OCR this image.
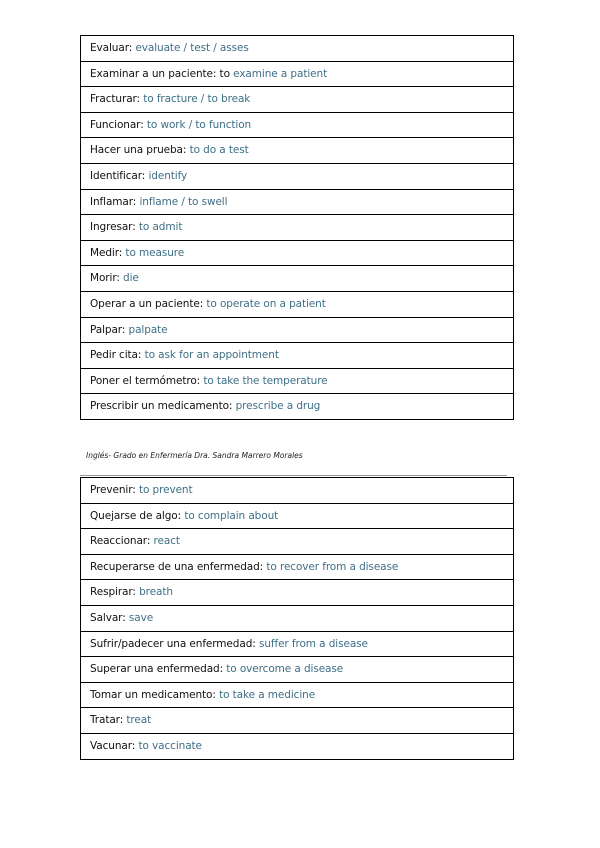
Evaluar: evaluate / test / asses
Examinar a un paciente: to examine a patient
Fracturar: to fracture / to break
Funcionar: to work / to function
Hacer una prueba: to do a test
Identificar: identify
Inflamar: inflame / to swell
Ingresar: to admit
Medir: to measure
Morir: die
Operar a un paciente: to operate on a patient
Palpar: palpate
Pedir cita: to ask for an appointment
Poner el termómetro: to take the temperature
Prescribir un medicamento: prescribe a drug
Inglés- Grado en Enfermería Dra. Sandra Marrero Morales
Prevenir: to prevent
Quejarse de algo: to complain about
Reaccionar: react
Recuperarse de una enfermedad: to recover from a disease
Respirar: breath
Salvar: save
Sufrir/padecer una enfermedad: suffer from a disease
Superar una enfermedad: to overcome a disease
Tomar un medicamento: to take a medicine
Tratar: treat
Vacunar: to vaccinate
